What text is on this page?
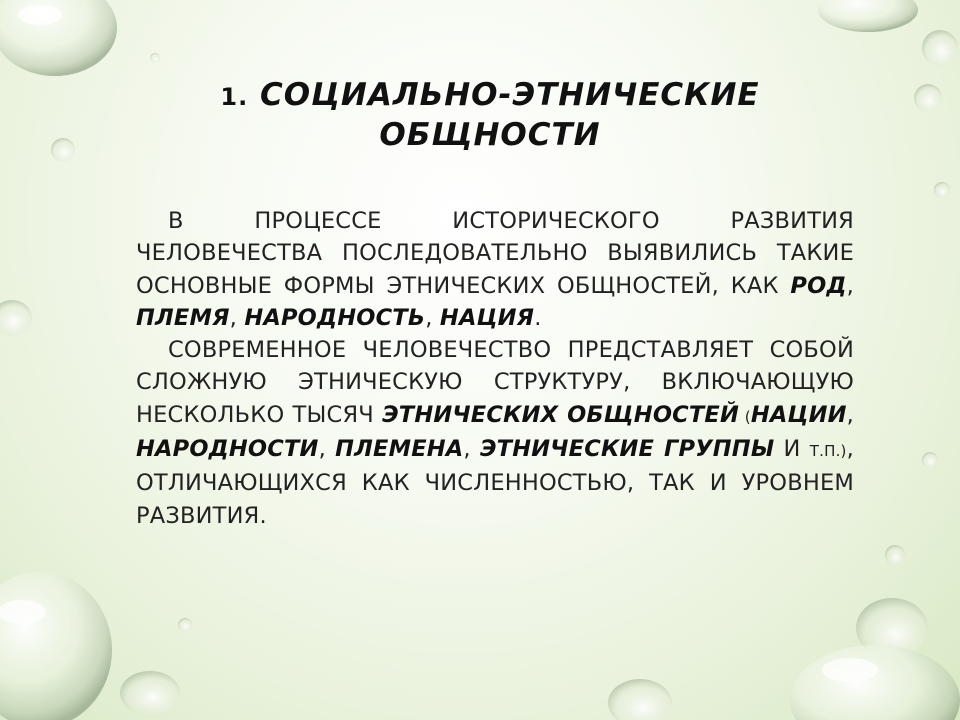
1. СОЦИАЛЬНО-ЭТНИЧЕСКИЕ
ОБЩНОСТИ

В ПРОЦЕССЕ ИСТОРИЧЕСКОГО РАЗВИТИЯ ЧЕЛОВЕЧЕСТВА ПОСЛЕДОВАТЕЛЬНО ВЫЯВИЛИСЬ ТАКИЕ ОСНОВНЫЕ ФОРМЫ ЭТНИЧЕСКИХ ОБЩНОСТЕЙ, КАК РОД, ПЛЕМЯ, НАРОДНОСТЬ, НАЦИЯ.

СОВРЕМЕННОЕ ЧЕЛОВЕЧЕСТВО ПРЕДСТАВЛЯЕТ СОБОЙ СЛОЖНУЮ ЭТНИЧЕСКУЮ СТРУКТУРУ, ВКЛЮЧАЮЩУЮ НЕСКОЛЬКО ТЫСЯЧ ЭТНИЧЕСКИХ ОБЩНОСТЕЙ (НАЦИИ, НАРОДНОСТИ, ПЛЕМЕНА, ЭТНИЧЕСКИЕ ГРУППЫ И Т.П.), ОТЛИЧАЮЩИХСЯ КАК ЧИСЛЕННОСТЬЮ, ТАК И УРОВНЕМ РАЗВИТИЯ.
